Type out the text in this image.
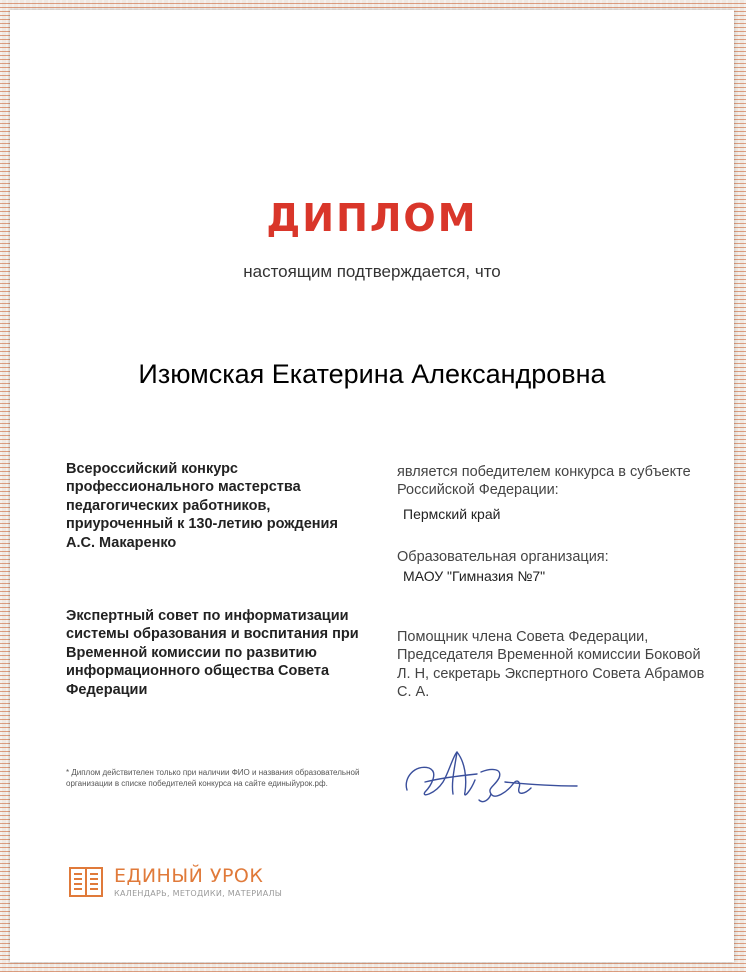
ДИПЛОМ
настоящим подтверждается, что
Изюмская Екатерина Александровна
Всероссийский конкурс профессионального мастерства педагогических работников, приуроченный к 130-летию рождения А.С. Макаренко
Экспертный совет по информатизации системы образования и воспитания при Временной комиссии по развитию информационного общества Совета Федерации
* Диплом действителен только при наличии ФИО и названия образовательной организации в списке победителей конкурса на сайте единыйурок.рф.
является победителем конкурса в субъекте Российской Федерации:
Пермский край
Образовательная организация:
МАОУ "Гимназия №7"
Помощник члена Совета Федерации, Председателя Временной комиссии Боковой Л. Н, секретарь Экспертного Совета Абрамов С. А.
ЕДИНЫЙ УРОК
КАЛЕНДАРЬ, МЕТОДИКИ, МАТЕРИАЛЫ
